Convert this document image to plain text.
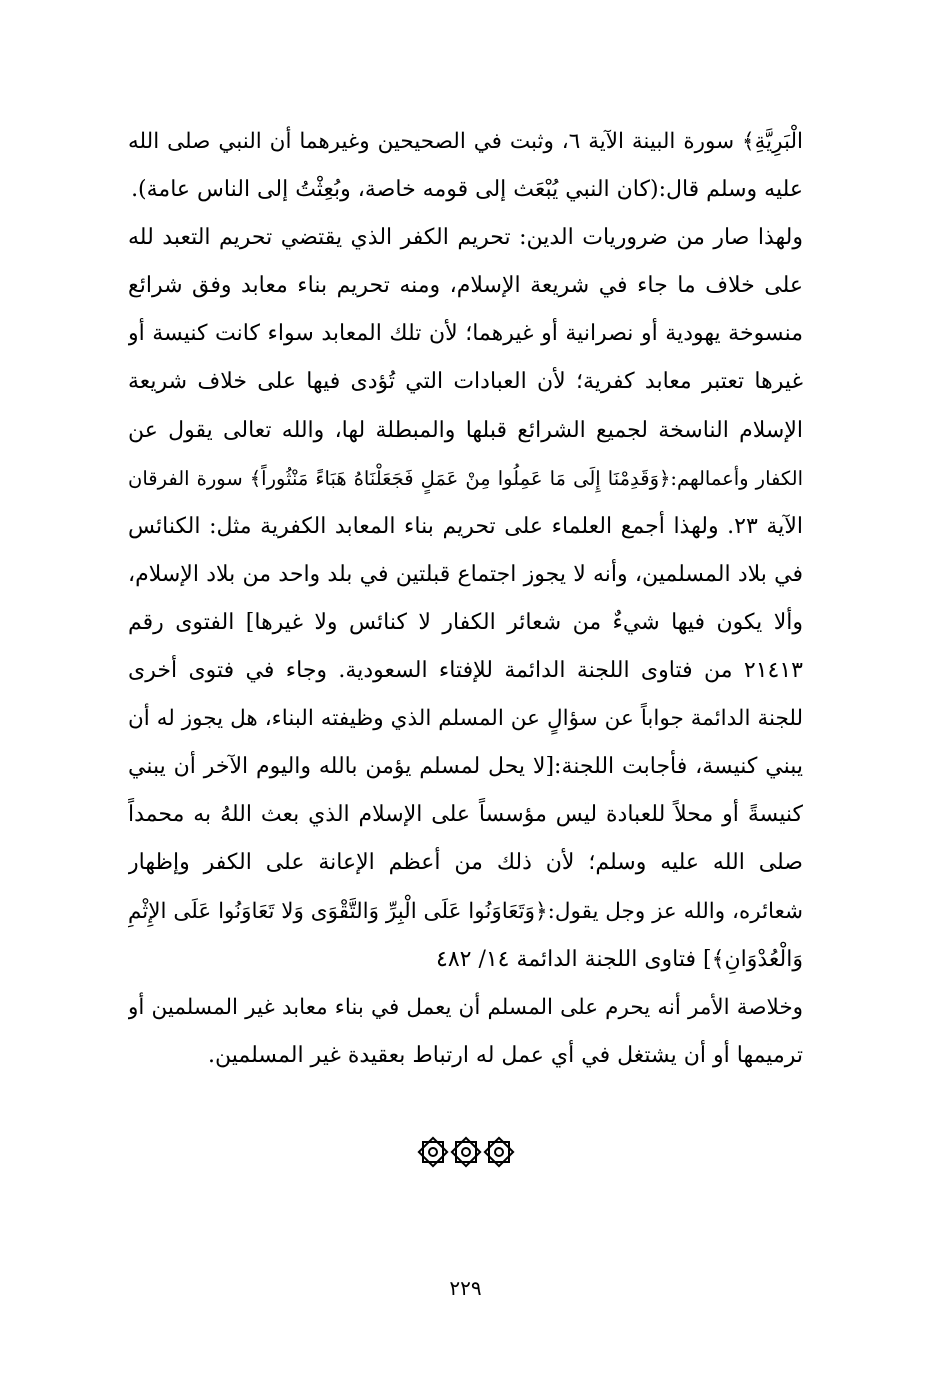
الْبَرِيَّةِ﴾ سورة البينة الآية ٦، وثبت في الصحيحين وغيرهما أن النبي صلى الله
عليه وسلم قال:(كان النبي يُبْعَث إلى قومه خاصة، وبُعِثْتُ إلى الناس عامة).
ولهذا صار من ضروريات الدين: تحريم الكفر الذي يقتضي تحريم التعبد لله
على خلاف ما جاء في شريعة الإسلام، ومنه تحريم بناء معابد وفق شرائع
منسوخة يهودية أو نصرانية أو غيرهما؛ لأن تلك المعابد سواء كانت كنيسة أو
غيرها تعتبر معابد كفرية؛ لأن العبادات التي تُؤدى فيها على خلاف شريعة
الإسلام الناسخة لجميع الشرائع قبلها والمبطلة لها، والله تعالى يقول عن
الكفار وأعمالهم:﴿وَقَدِمْنَا إِلَى مَا عَمِلُوا مِنْ عَمَلٍ فَجَعَلْنَاهُ هَبَاءً مَنْثُوراً﴾ سورة الفرقان
الآية ٢٣. ولهذا أجمع العلماء على تحريم بناء المعابد الكفرية مثل: الكنائس
في بلاد المسلمين، وأنه لا يجوز اجتماع قبلتين في بلد واحد من بلاد الإسلام،
وألا يكون فيها شيءٌ من شعائر الكفار لا كنائس ولا غيرها] الفتوى رقم
٢١٤١٣ من فتاوى اللجنة الدائمة للإفتاء السعودية. وجاء في فتوى أخرى
للجنة الدائمة جواباً عن سؤالٍ عن المسلم الذي وظيفته البناء، هل يجوز له أن
يبني كنيسة، فأجابت اللجنة:[لا يحل لمسلم يؤمن بالله واليوم الآخر أن يبني
كنيسةً أو محلاً للعبادة ليس مؤسساً على الإسلام الذي بعث اللهُ به محمداً
صلى الله عليه وسلم؛ لأن ذلك من أعظم الإعانة على الكفر وإظهار
شعائره، والله عز وجل يقول:﴿وَتَعَاوَنُوا عَلَى الْبِرِّ وَالتَّقْوَى وَلا تَعَاوَنُوا عَلَى الإِثْمِ
وَالْعُدْوَانِ﴾] فتاوى اللجنة الدائمة ١٤/ ٤٨٢
وخلاصة الأمر أنه يحرم على المسلم أن يعمل في بناء معابد غير المسلمين أو
ترميمها أو أن يشتغل في أي عمل له ارتباط بعقيدة غير المسلمين.
٢٢٩
